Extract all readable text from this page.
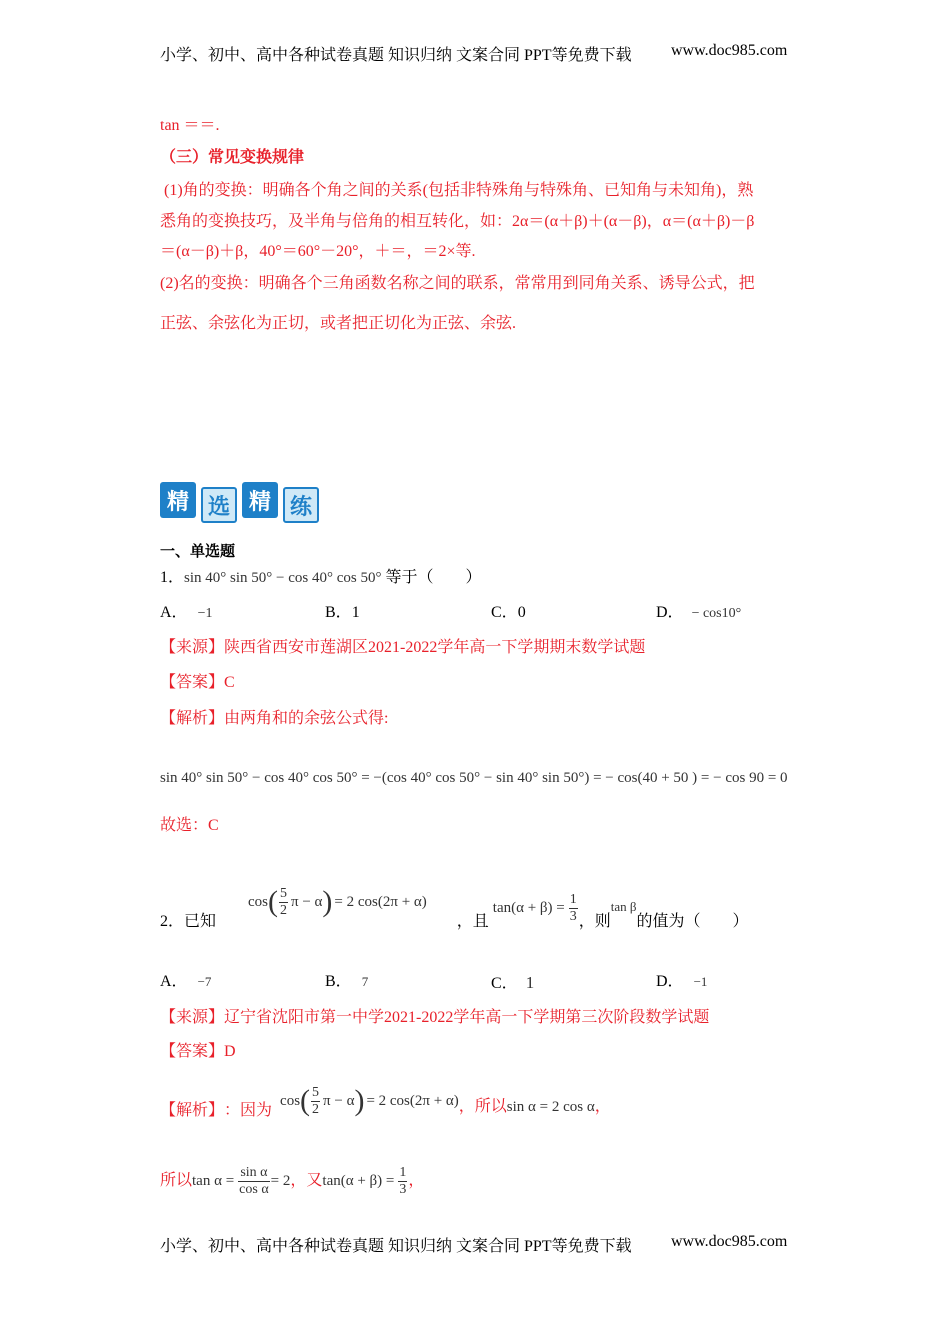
小学、初中、高中各种试卷真题 知识归纳 文案合同 PPT等免费下载 www.doc985.com
tan ＝＝.
（三）常见变换规律
(1)角的变换：明确各个角之间的关系(包括非特殊角与特殊角、已知角与未知角)，熟
悉角的变换技巧，及半角与倍角的相互转化，如：2α＝(α＋β)＋(α－β)，α＝(α＋β)－β
＝(α－β)＋β，40°＝60°－20°，＋＝，＝2×等.
(2)名的变换：明确各个三角函数名称之间的联系，常常用到同角关系、诱导公式，把
正弦、余弦化为正切，或者把正切化为正弦、余弦.
精 选 精 练
一、单选题
1．sin 40° sin 50° − cos 40° cos 50° 等于（　　）
A． −1	B．1	C．0	D． − cos10°
【来源】陕西省西安市莲湖区2021-2022学年高一下学期期末数学试题
【答案】C
【解析】由两角和的余弦公式得:
sin 40° sin 50° − cos 40° cos 50° = −(cos 40° cos 50° − sin 40° sin 50°) = − cos(40 + 50 ) = − cos 90 = 0
故选：C
2．已知
cos ( $\frac{5}{2}$ π − α ) = 2 cos(2π + α)
，且
$\tan(\alpha + \beta) = \frac{1}{3}$ ，则
tan β
的值为（　　）
A． −7	B． 7	C． 1	D． −1
【来源】辽宁省沈阳市第一中学2021-2022学年高一下学期第三次阶段数学试题
【答案】D
【解析】 ：因为
cos ( $\frac{5}{2}$ π − α ) = 2 cos(2π + α) ，所以 sin α = 2 cos α ，
所以 $\tan \alpha = \frac{\text{sin α}}{\text{cos α}} = 2$ ，又 $\tan(\alpha + \beta) = \frac{1}{3}$ ，
小学、初中、高中各种试卷真题 知识归纳 文案合同 PPT等免费下载 www.doc985.com
